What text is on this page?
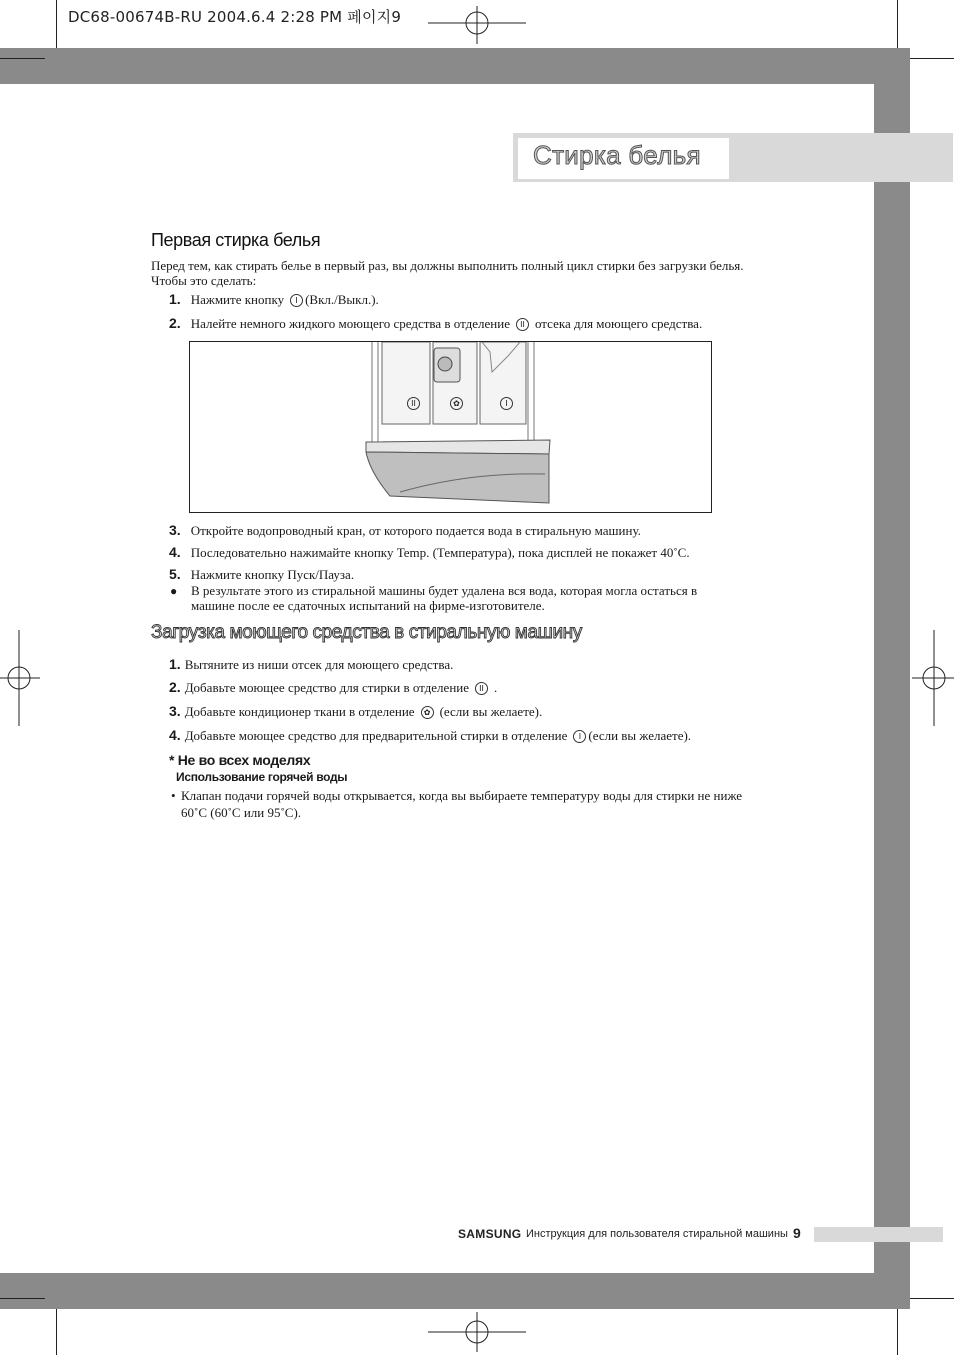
DC68-00674B-RU 2004.6.4 2:28 PM 페이지9
Стирка белья
Первая стирка белья
Перед тем, как стирать белье в первый раз, вы должны выполнить полный цикл стирки без загрузки белья.
Чтобы это сделать:
1. Нажмите кнопку I (Вкл./Выкл.).
2. Налейте немного жидкого моющего средства в отделение II отсека для моющего средства.
II	✿	I
3. Откройте водопроводный кран, от которого подается вода в стиральную машину.
4. Последовательно нажимайте кнопку Temp. (Температура), пока дисплей не покажет 40˚C.
5. Нажмите кнопку Пуск/Пауза.
● В результате этого из стиральной машины будет удалена вся вода, которая могла остаться в
машине после ее сдаточных испытаний на фирме-изготовителе.
Загрузка моющего средства в стиральную машину
1. Вытяните из ниши отсек для моющего средства.
2. Добавьте моющее средство для стирки в отделение II .
3. Добавьте кондиционер ткани в отделение ✿ (если вы желаете).
4. Добавьте моющее средство для предварительной стирки в отделение I (если вы желаете).
* Не во всех моделях
Использование горячей воды
• Клапан подачи горячей воды открывается, когда вы выбираете температуру воды для стирки не ниже
60˚C (60˚C или 95˚C).
SAMSUNG Инструкция для пользователя стиральной машины 9
